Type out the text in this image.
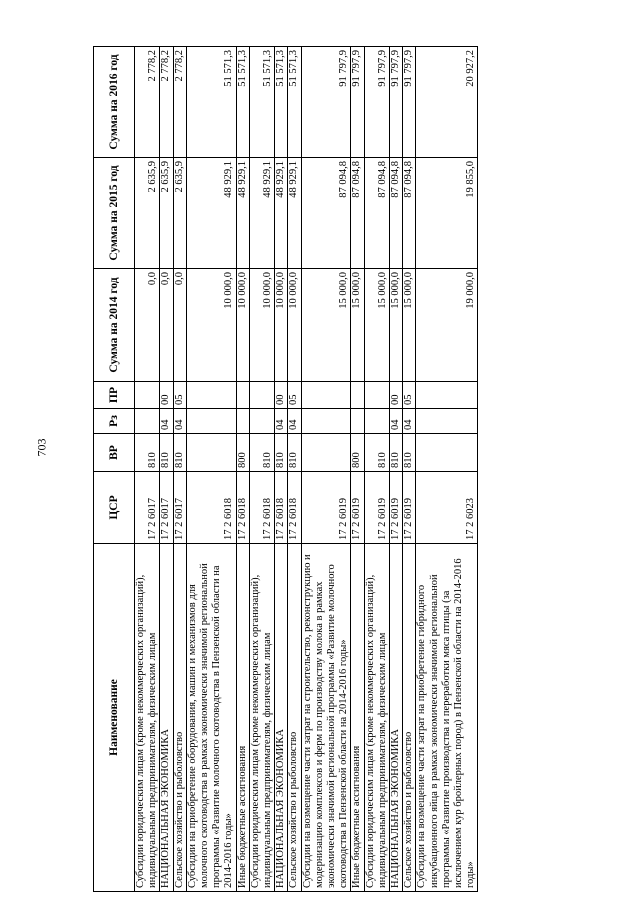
703
Наименование	ЦСР	ВР	Рз	ПР	Сумма на 2014 год	Сумма на 2015 год	Сумма на 2016 год
Субсидии юридическим лицам (кроме некоммерческих организаций), индивидуальным предпринимателям, физическим лицам	17 2 6017	810			0,0	2 635,9	2 778,2
НАЦИОНАЛЬНАЯ ЭКОНОМИКА	17 2 6017	810	04	00	0,0	2 635,9	2 778,2
Сельское хозяйство и рыболовство	17 2 6017	810	04	05	0,0	2 635,9	2 778,2
Субсидии на приобретение оборудования, машин и механизмов для молочного скотоводства в рамках экономически значимой региональной программы «Развитие молочного скотоводства в Пензенской области на 2014-2016 годы»	17 2 6018				10 000,0	48 929,1	51 571,3
Иные бюджетные ассигнования	17 2 6018	800			10 000,0	48 929,1	51 571,3
Субсидии юридическим лицам (кроме некоммерческих организаций), индивидуальным предпринимателям, физическим лицам	17 2 6018	810			10 000,0	48 929,1	51 571,3
НАЦИОНАЛЬНАЯ ЭКОНОМИКА	17 2 6018	810	04	00	10 000,0	48 929,1	51 571,3
Сельское хозяйство и рыболовство	17 2 6018	810	04	05	10 000,0	48 929,1	51 571,3
Субсидии на возмещение части затрат на строительство, реконструкцию и модернизацию комплексов и ферм по производству молока в рамках экономически значимой региональной программы «Развитие молочного скотоводства в Пензенской области на 2014-2016 годы»	17 2 6019				15 000,0	87 094,8	91 797,9
Иные бюджетные ассигнования	17 2 6019	800			15 000,0	87 094,8	91 797,9
Субсидии юридическим лицам (кроме некоммерческих организаций), индивидуальным предпринимателям, физическим лицам	17 2 6019	810			15 000,0	87 094,8	91 797,9
НАЦИОНАЛЬНАЯ ЭКОНОМИКА	17 2 6019	810	04	00	15 000,0	87 094,8	91 797,9
Сельское хозяйство и рыболовство	17 2 6019	810	04	05	15 000,0	87 094,8	91 797,9
Субсидии на возмещение части затрат на приобретение гибридного инкубационного яйца в рамках экономически значимой региональной программы «Развитие производства и переработки мяса птицы (за исключением кур бройлерных пород) в Пензенской области на 2014-2016 годы»	17 2 6023				19 000,0	19 855,0	20 927,2
